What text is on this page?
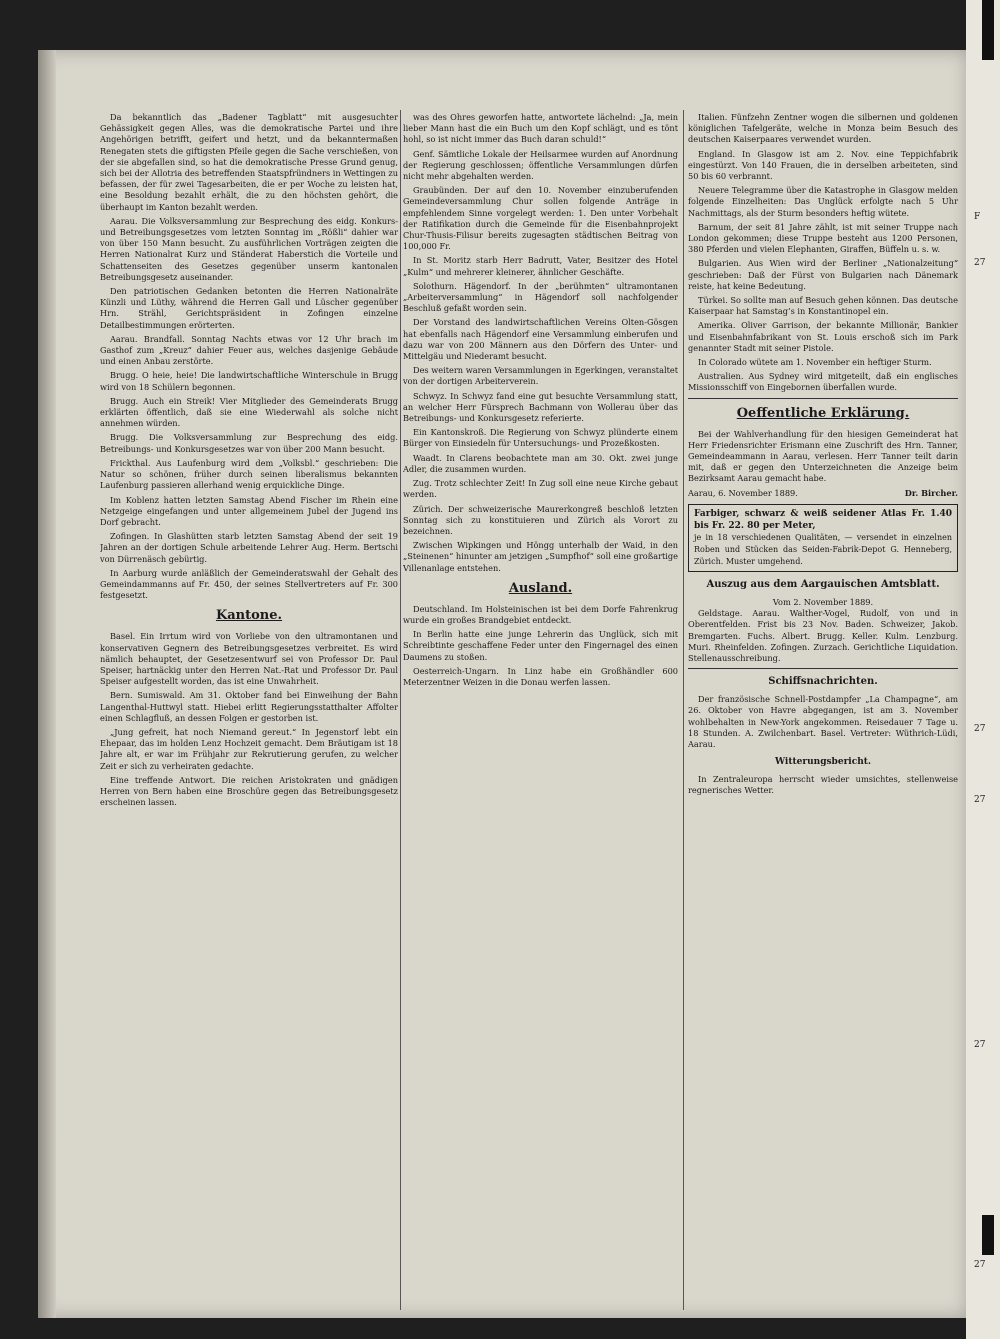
Da bekanntlich das „Badener Tagblatt“ mit ausgesuchter Gehässigkeit gegen Alles, was die demokratische Partei und ihre Angehörigen betrifft, geifert und hetzt, und da bekanntermaßen Renegaten stets die giftigsten Pfeile gegen die Sache verschießen, von der sie abgefallen sind, so hat die demokratische Presse Grund genug, sich bei der Allotria des betreffenden Staatspfründners in Wettingen zu befassen, der für zwei Tagesarbeiten, die er per Woche zu leisten hat, eine Besoldung bezahlt erhält, die zu den höchsten gehört, die überhaupt im Kanton bezahlt werden.

Aarau. Die Volksversammlung zur Besprechung des eidg. Konkurs- und Betreibungsgesetzes vom letzten Sonntag im „Rößli“ dahier war von über 150 Mann besucht. Zu ausführlichen Vorträgen zeigten die Herren Nationalrat Kurz und Ständerat Haberstich die Vorteile und Schattenseiten des Gesetzes gegenüber unserm kantonalen Betreibungsgesetz auseinander.

Den patriotischen Gedanken betonten die Herren Nationalräte Künzli und Lüthy, während die Herren Gall und Lüscher gegenüber Hrn. Strähl, Gerichtspräsident in Zofingen einzelne Detailbestimmungen erörterten.

Aarau. Brandfall. Sonntag Nachts etwas vor 12 Uhr brach im Gasthof zum „Kreuz“ dahier Feuer aus, welches dasjenige Gebäude und einen Anbau zerstörte.

Brugg. O heie, heie! Die landwirtschaftliche Winterschule in Brugg wird von 18 Schülern begonnen.

Brugg. Auch ein Streik! Vier Mitglieder des Gemeinderats Brugg erklärten öffentlich, daß sie eine Wiederwahl als solche nicht annehmen würden.

Brugg. Die Volksversammlung zur Besprechung des eidg. Betreibungs- und Konkursgesetzes war von über 200 Mann besucht.

Frickthal. Aus Laufenburg wird dem „Volksbl.“ geschrieben: Die Natur so schönen, früher durch seinen liberalismus bekannten Laufenburg passieren allerhand wenig erquickliche Dinge.

Im Koblenz hatten letzten Samstag Abend Fischer im Rhein eine Netzgeige eingefangen und unter allgemeinem Jubel der Jugend ins Dorf gebracht.

Zofingen. In Glashütten starb letzten Samstag Abend der seit 19 Jahren an der dortigen Schule arbeitende Lehrer Aug. Herm. Bertschi von Dürrenäsch gebürtig.

In Aarburg wurde anläßlich der Gemeinderatswahl der Gehalt des Gemeindammanns auf Fr. 450, der seines Stellvertreters auf Fr. 300 festgesetzt.

Kantone.

Basel. Ein Irrtum wird von Vorliebe von den ultramontanen und konservativen Gegnern des Betreibungsgesetzes verbreitet. Es wird nämlich behauptet, der Gesetzesentwurf sei von Professor Dr. Paul Speiser, hartnäckig unter den Herren Nat.-Rat und Professor Dr. Paul Speiser aufgestellt worden, das ist eine Unwahrheit.

Bern. Sumiswald. Am 31. Oktober fand bei Einweihung der Bahn Langenthal-Huttwyl statt. Hiebei erlitt Regierungsstatthalter Affolter einen Schlagfluß, an dessen Folgen er gestorben ist.

„Jung gefreit, hat noch Niemand gereut.“ In Jegenstorf lebt ein Ehepaar, das im holden Lenz Hochzeit gemacht. Dem Bräutigam ist 18 Jahre alt, er war im Frühjahr zur Rekrutierung gerufen, zu welcher Zeit er sich zu verheiraten gedachte.

Eine treffende Antwort. Die reichen Aristokraten und gnädigen Herren von Bern haben eine Broschüre gegen das Betreibungsgesetz erscheinen lassen.

was des Ohres geworfen hatte, antwortete lächelnd: „Ja, mein lieber Mann hast die ein Buch um den Kopf schlägt, und es tönt hohl, so ist nicht immer das Buch daran schuld!“

Genf. Sämtliche Lokale der Heilsarmee wurden auf Anordnung der Regierung geschlossen; öffentliche Versammlungen dürfen nicht mehr abgehalten werden.

Graubünden. Der auf den 10. November einzuberufenden Gemeindeversammlung Chur sollen folgende Anträge in empfehlendem Sinne vorgelegt werden: 1. Den unter Vorbehalt der Ratifikation durch die Gemeinde für die Eisenbahnprojekt Chur-Thusis-Filisur bereits zugesagten städtischen Beitrag von 100,000 Fr.

In St. Moritz starb Herr Badrutt, Vater, Besitzer des Hotel „Kulm“ und mehrerer kleinerer, ähnlicher Geschäfte.

Solothurn. Hägendorf. In der „berühmten“ ultramontanen „Arbeiterversammlung“ in Hägendorf soll nachfolgender Beschluß gefaßt worden sein.

Der Vorstand des landwirtschaftlichen Vereins Olten-Gösgen hat ebenfalls nach Hägendorf eine Versammlung einberufen und dazu war von 200 Männern aus den Dörfern des Unter- und Mittelgäu und Niederamt besucht.

Des weitern waren Versammlungen in Egerkingen, veranstaltet von der dortigen Arbeiterverein.

Schwyz. In Schwyz fand eine gut besuchte Versammlung statt, an welcher Herr Fürsprech Bachmann von Wollerau über das Betreibungs- und Konkursgesetz referierte.

Ein Kantonskroß. Die Regierung von Schwyz plünderte einem Bürger von Einsiedeln für Untersuchungs- und Prozeßkosten.

Waadt. In Clarens beobachtete man am 30. Okt. zwei junge Adler, die zusammen wurden.

Zug. Trotz schlechter Zeit! In Zug soll eine neue Kirche gebaut werden.

Zürich. Der schweizerische Maurerkongreß beschloß letzten Sonntag sich zu konstituieren und Zürich als Vorort zu bezeichnen.

Zwischen Wipkingen und Höngg unterhalb der Waid, in den „Steinenen“ hinunter am jetzigen „Sumpfhof“ soll eine großartige Villenanlage entstehen.

Ausland.

Deutschland. Im Holsteinischen ist bei dem Dorfe Fahrenkrug wurde ein großes Brandgebiet entdeckt.

In Berlin hatte eine junge Lehrerin das Unglück, sich mit Schreibtinte geschaffene Feder unter den Fingernagel des einen Daumens zu stoßen.

Oesterreich-Ungarn. In Linz habe ein Großhändler 600 Meterzentner Weizen in die Donau werfen lassen.

Italien. Fünfzehn Zentner wogen die silbernen und goldenen königlichen Tafelgeräte, welche in Monza beim Besuch des deutschen Kaiserpaares verwendet wurden.

England. In Glasgow ist am 2. Nov. eine Teppichfabrik eingestürzt. Von 140 Frauen, die in derselben arbeiteten, sind 50 bis 60 verbrannt.

Neuere Telegramme über die Katastrophe in Glasgow melden folgende Einzelheiten: Das Unglück erfolgte nach 5 Uhr Nachmittags, als der Sturm besonders heftig wütete.

Barnum, der seit 81 Jahre zählt, ist mit seiner Truppe nach London gekommen; diese Truppe besteht aus 1200 Personen, 380 Pferden und vielen Elephanten, Giraffen, Büffeln u. s. w.

Bulgarien. Aus Wien wird der Berliner „Nationalzeitung“ geschrieben: Daß der Fürst von Bulgarien nach Dänemark reiste, hat keine Bedeutung.

Türkei. So sollte man auf Besuch gehen können. Das deutsche Kaiserpaar hat Samstag’s in Konstantinopel ein.

Amerika. Oliver Garrison, der bekannte Millionär, Bankier und Eisenbahnfabrikant von St. Louis erschoß sich im Park genannter Stadt mit seiner Pistole.

In Colorado wütete am 1. November ein heftiger Sturm.

Australien. Aus Sydney wird mitgeteilt, daß ein englisches Missionsschiff von Eingebornen überfallen wurde.

Oeffentliche Erklärung.

Bei der Wahlverhandlung für den hiesigen Gemeinderat hat Herr Friedensrichter Erismann eine Zuschrift des Hrn. Tanner, Gemeindeammann in Aarau, verlesen. Herr Tanner teilt darin mit, daß er gegen den Unterzeichneten die Anzeige beim Bezirksamt Aarau gemacht habe.

Aarau, 6. November 1889.	Dr. Bircher.
Farbiger, schwarz & weiß seidener Atlas Fr. 1.40 bis Fr. 22. 80 per Meter,
je in 18 verschiedenen Qualitäten, — versendet in einzelnen Roben und Stücken das Seiden-Fabrik-Depot G. Henneberg, Zürich. Muster umgehend.
Auszug aus dem Aargauischen Amtsblatt.
Vom 2. November 1889.

Geldstage. Aarau. Walther-Vogel, Rudolf, von und in Oberentfelden. Frist bis 23 Nov. Baden. Schweizer, Jakob. Bremgarten. Fuchs. Albert. Brugg. Keller. Kulm. Lenzburg. Muri. Rheinfelden. Zofingen. Zurzach. Gerichtliche Liquidation. Stellenausschreibung.

Schiffsnachrichten.

Der französische Schnell-Postdampfer „La Champagne“, am 26. Oktober von Havre abgegangen, ist am 3. November wohlbehalten in New-York angekommen. Reisedauer 7 Tage u. 18 Stunden. A. Zwilchenbart. Basel. Vertreter: Wüthrich-Lüdi, Aarau.

Witterungsbericht.

In Zentraleuropa herrscht wieder umsichtes, stellenweise regnerisches Wetter.

F
27
27
27
27
27
